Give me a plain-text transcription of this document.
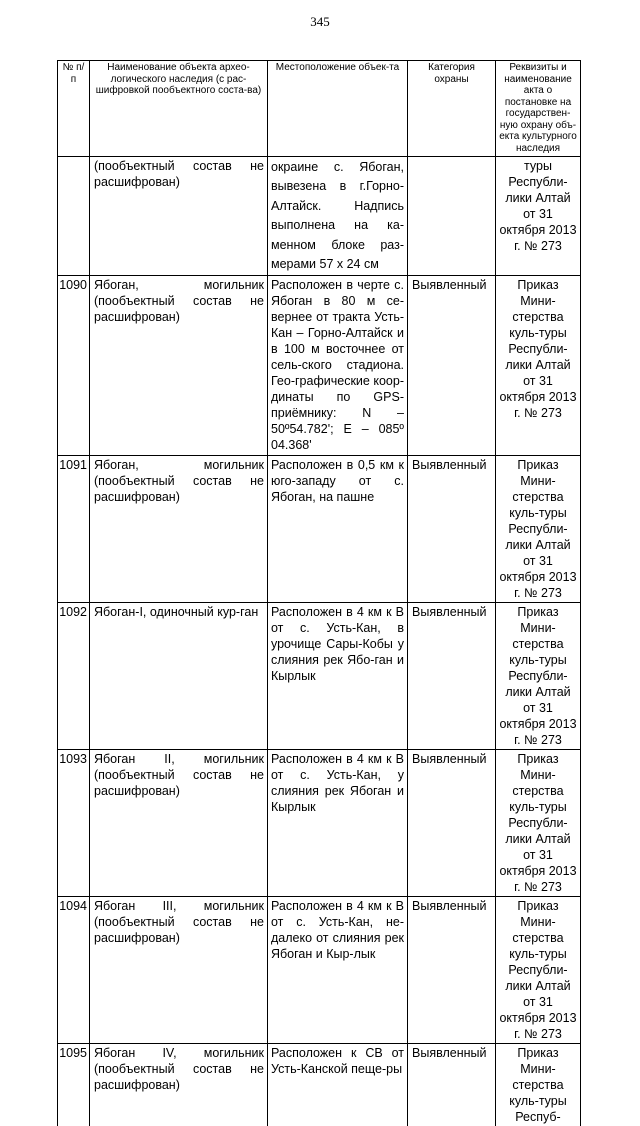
345
№ п/п	Наименование объекта архео-логического наследия (с рас-шифровкой пообъектного соста-ва)	Местоположение объек-та	Категория охраны	Реквизиты и наименование акта о постановке на государствен-ную охрану объ-екта культурного наследия
	(пообъектный состав не расшифрован)	окраине с. Ябоган, вывезена в г.Горно-Алтайск. Надпись выполнена на ка-менном блоке раз-мерами 57 х 24 см		туры Республи-лики Алтай от 31 октября 2013 г. № 273
1090	Ябоган, могильник (пообъектный состав не расшифрован)	Расположен в черте с. Ябоган в 80 м се-вернее от тракта Усть-Кан – Горно-Алтайск и в 100 м восточнее от сель-ского стадиона. Гео-графические коор-динаты по GPS-приёмнику: N – 50º54.782'; E – 085º 04.368'	Выявленный	Приказ Мини-стерства куль-туры Республи-лики Алтай от 31 октября 2013 г. № 273
1091	Ябоган, могильник (пообъектный состав не расшифрован)	Расположен в 0,5 км к юго-западу от с. Ябоган, на пашне	Выявленный	Приказ Мини-стерства куль-туры Республи-лики Алтай от 31 октября 2013 г. № 273
1092	Ябоган-I, одиночный кур-ган	Расположен в 4 км к В от с. Усть-Кан, в урочище Сары-Кобы у слияния рек Ябо-ган и Кырлык	Выявленный	Приказ Мини-стерства куль-туры Республи-лики Алтай от 31 октября 2013 г. № 273
1093	Ябоган II, могильник (пообъектный состав не расшифрован)	Расположен в 4 км к В от с. Усть-Кан, у слияния рек Ябоган и Кырлык	Выявленный	Приказ Мини-стерства куль-туры Республи-лики Алтай от 31 октября 2013 г. № 273
1094	Ябоган III, могильник (пообъектный состав не расшифрован)	Расположен в 4 км к В от с. Усть-Кан, не-далеко от слияния рек Ябоган и Кыр-лык	Выявленный	Приказ Мини-стерства куль-туры Республи-лики Алтай от 31 октября 2013 г. № 273
1095	Ябоган IV, могильник (пообъектный состав не расшифрован)	Расположен к СВ от Усть-Канской пеще-ры	Выявленный	Приказ Мини-стерства куль-туры Респуб-
